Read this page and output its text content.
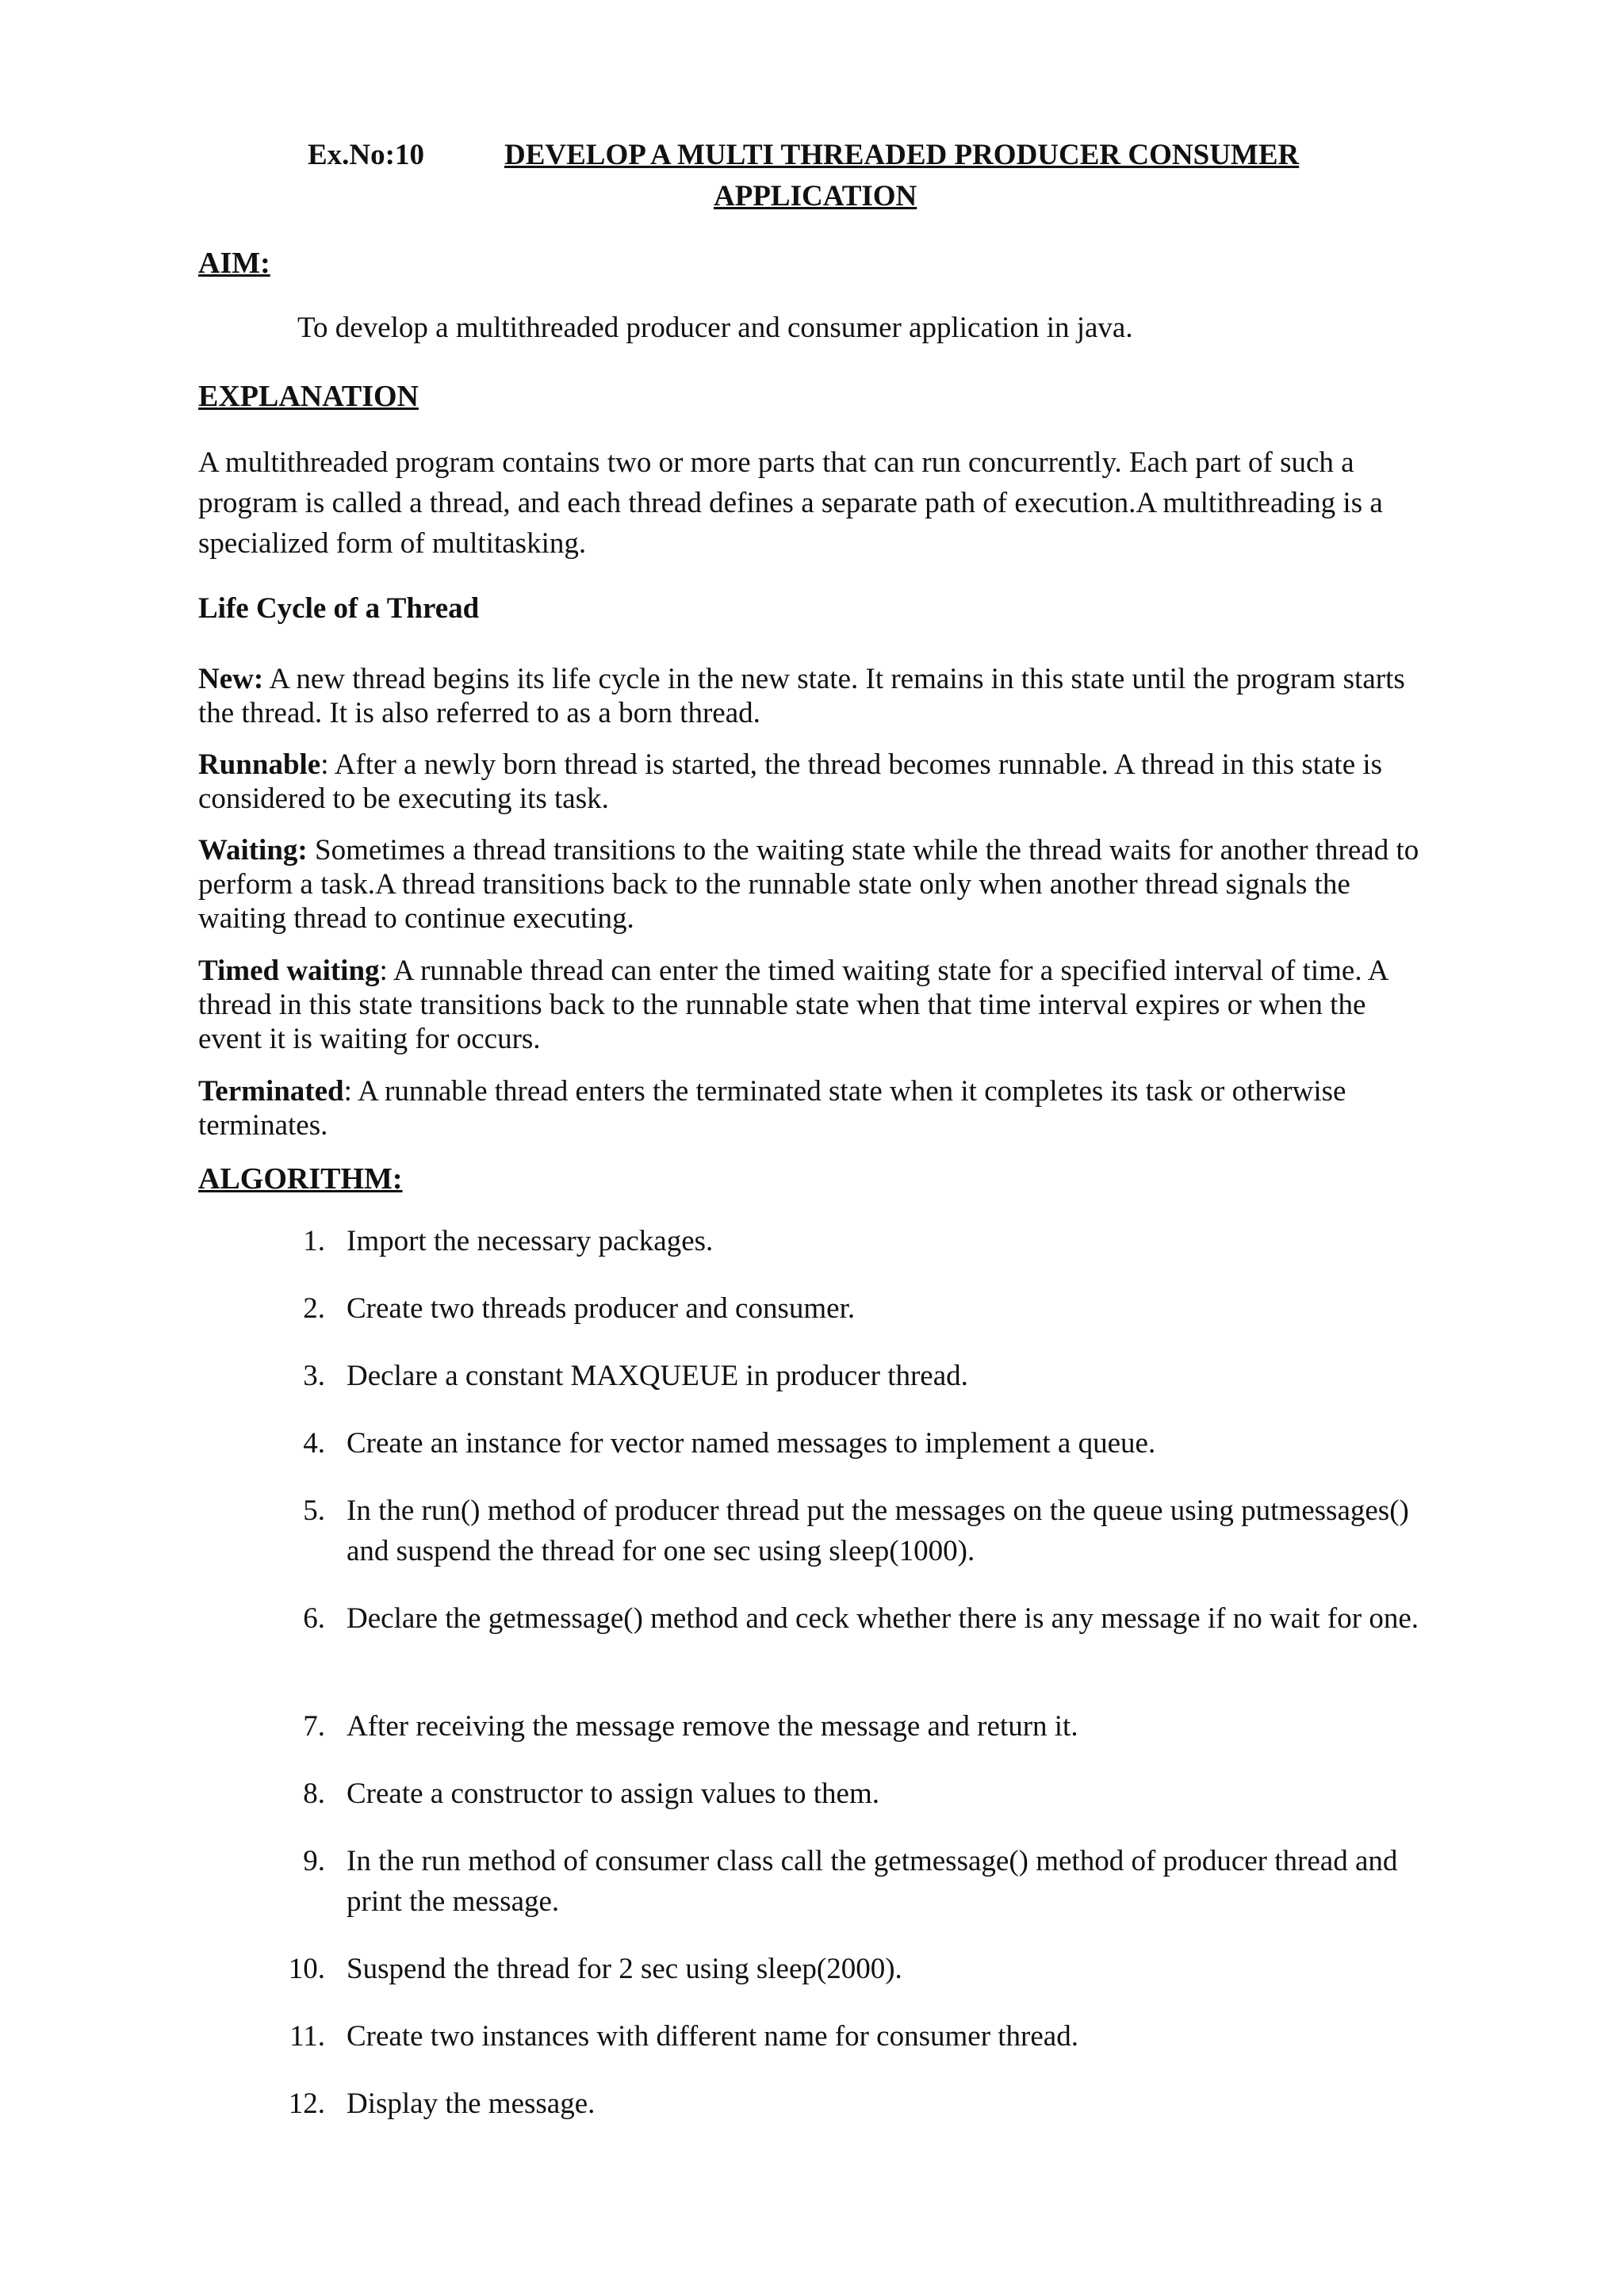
Ex.No:10	DEVELOP A MULTI THREADED PRODUCER CONSUMER
APPLICATION
AIM:
To develop a multithreaded producer and consumer application in java.
EXPLANATION
A multithreaded program contains two or more parts that can run concurrently. Each part of such a program is called a thread, and each thread defines a separate path of execution.A multithreading is a specialized form of multitasking.
Life Cycle of a Thread
New: A new thread begins its life cycle in the new state. It remains in this state until the program starts the thread. It is also referred to as a born thread.
Runnable: After a newly born thread is started, the thread becomes runnable. A thread in this state is considered to be executing its task.
Waiting: Sometimes a thread transitions to the waiting state while the thread waits for another thread to perform a task.A thread transitions back to the runnable state only when another thread signals the waiting thread to continue executing.
Timed waiting: A runnable thread can enter the timed waiting state for a specified interval of time. A thread in this state transitions back to the runnable state when that time interval expires or when the event it is waiting for occurs.
Terminated: A runnable thread enters the terminated state when it completes its task or otherwise terminates.
ALGORITHM:
1. Import the necessary packages.
2. Create two threads producer and consumer.
3. Declare a constant MAXQUEUE in producer thread.
4. Create an instance for vector named messages to implement a queue.
5. In the run() method of producer thread put the messages on the queue using putmessages() and suspend the thread for one sec using sleep(1000).
6. Declare the getmessage() method and ceck whether there is any message if no wait for one.
7. After receiving the message remove the message and return it.
8. Create a constructor to assign values to them.
9. In the run method of consumer class call the getmessage() method of producer thread and print the message.
10. Suspend the thread for 2 sec using sleep(2000).
11. Create two instances with different name for consumer thread.
12. Display the message.
